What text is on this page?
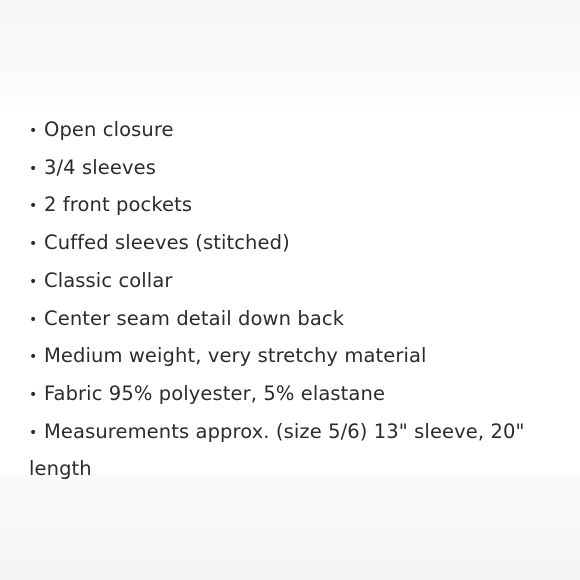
• Open closure
• 3/4 sleeves
• 2 front pockets
• Cuffed sleeves (stitched)
• Classic collar
• Center seam detail down back
• Medium weight, very stretchy material
• Fabric 95% polyester, 5% elastane
• Measurements approx. (size 5/6) 13" sleeve, 20" length
